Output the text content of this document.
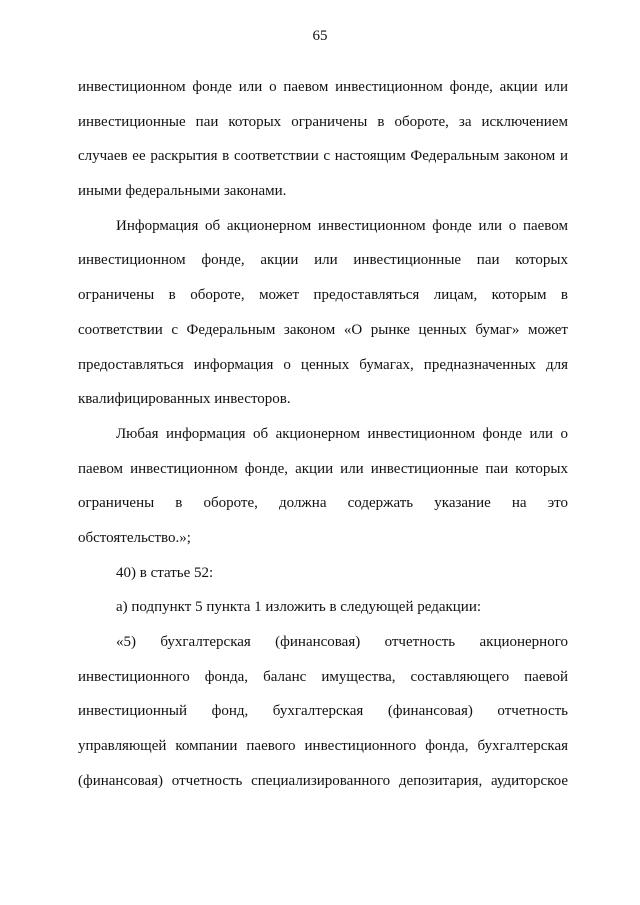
65
инвестиционном фонде или о паевом инвестиционном фонде, акции или
инвестиционные паи которых ограничены в обороте, за исключением
случаев ее раскрытия в соответствии с настоящим Федеральным законом и
иными федеральными законами.
Информация об акционерном инвестиционном фонде или о паевом
инвестиционном фонде, акции или инвестиционные паи которых
ограничены в обороте, может предоставляться лицам, которым в
соответствии с Федеральным законом «О рынке ценных бумаг» может
предоставляться информация о ценных бумагах, предназначенных для
квалифицированных инвесторов.
Любая информация об акционерном инвестиционном фонде или о
паевом инвестиционном фонде, акции или инвестиционные паи которых
ограничены в обороте, должна содержать указание на это
обстоятельство.»;
40) в статье 52:
а) подпункт 5 пункта 1 изложить в следующей редакции:
«5) бухгалтерская (финансовая) отчетность акционерного
инвестиционного фонда, баланс имущества, составляющего паевой
инвестиционный фонд, бухгалтерская (финансовая) отчетность
управляющей компании паевого инвестиционного фонда, бухгалтерская
(финансовая) отчетность специализированного депозитария, аудиторское
